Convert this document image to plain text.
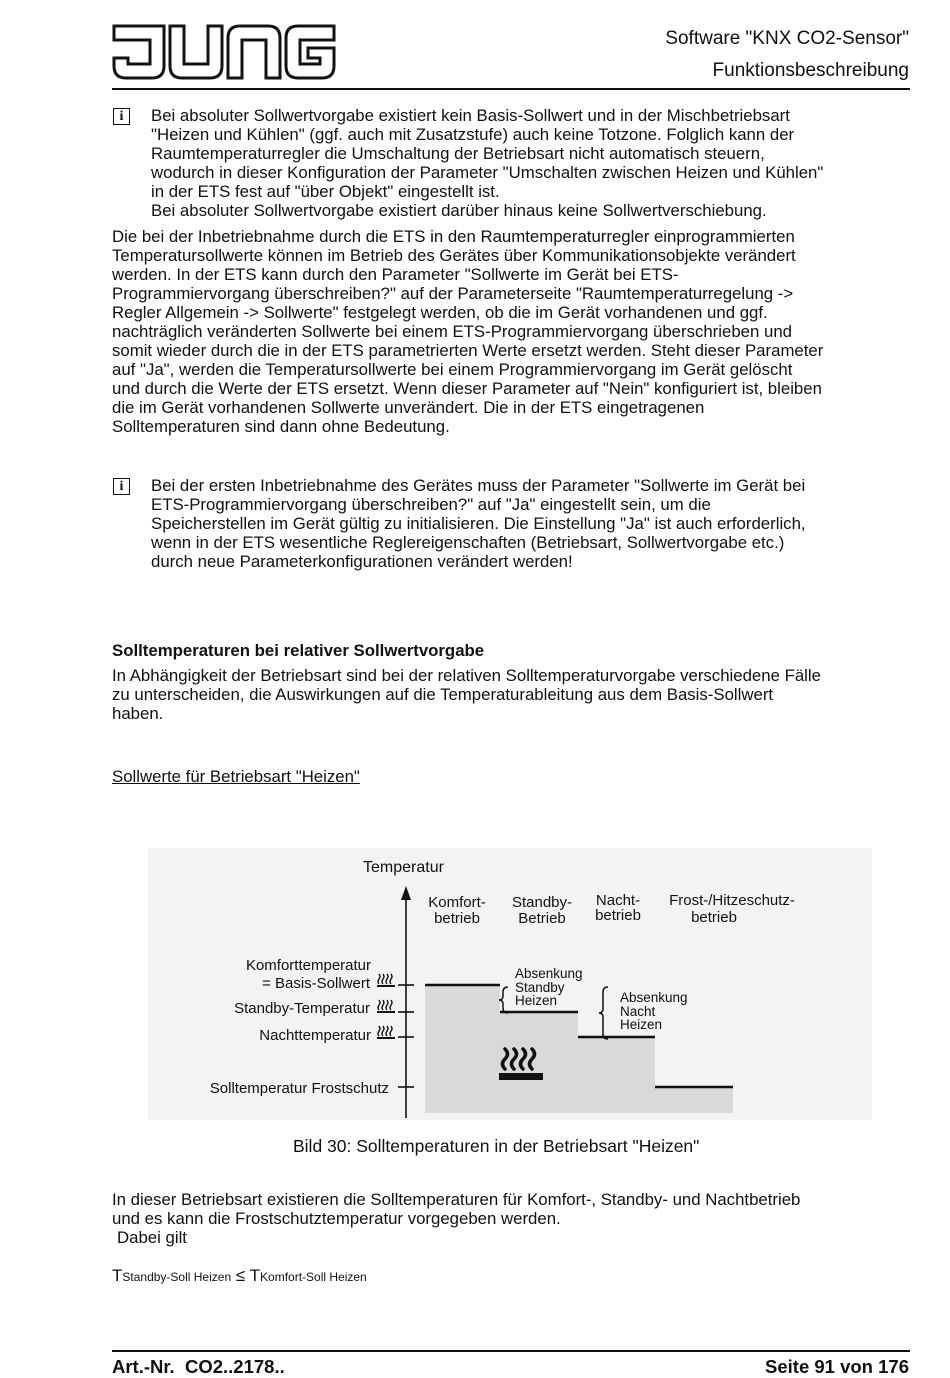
Software "KNX CO2-Sensor"
Funktionsbeschreibung
i	Bei absoluter Sollwertvorgabe existiert kein Basis-Sollwert und in der Mischbetriebsart

"Heizen und Kühlen" (ggf. auch mit Zusatzstufe) auch keine Totzone. Folglich kann der

Raumtemperaturregler die Umschaltung der Betriebsart nicht automatisch steuern,

wodurch in dieser Konfiguration der Parameter "Umschalten zwischen Heizen und Kühlen"

in der ETS fest auf "über Objekt" eingestellt ist.

Bei absoluter Sollwertvorgabe existiert darüber hinaus keine Sollwertverschiebung.

Die bei der Inbetriebnahme durch die ETS in den Raumtemperaturregler einprogrammierten

Temperatursollwerte können im Betrieb des Gerätes über Kommunikationsobjekte verändert

werden. In der ETS kann durch den Parameter "Sollwerte im Gerät bei ETS-

Programmiervorgang überschreiben?" auf der Parameterseite "Raumtemperaturregelung ->

Regler Allgemein -> Sollwerte" festgelegt werden, ob die im Gerät vorhandenen und ggf.

nachträglich veränderten Sollwerte bei einem ETS-Programmiervorgang überschrieben und

somit wieder durch die in der ETS parametrierten Werte ersetzt werden. Steht dieser Parameter

auf "Ja", werden die Temperatursollwerte bei einem Programmiervorgang im Gerät gelöscht

und durch die Werte der ETS ersetzt. Wenn dieser Parameter auf "Nein" konfiguriert ist, bleiben

die im Gerät vorhandenen Sollwerte unverändert. Die in der ETS eingetragenen

Solltemperaturen sind dann ohne Bedeutung.

i	Bei der ersten Inbetriebnahme des Gerätes muss der Parameter "Sollwerte im Gerät bei

ETS-Programmiervorgang überschreiben?" auf "Ja" eingestellt sein, um die

Speicherstellen im Gerät gültig zu initialisieren. Die Einstellung "Ja" ist auch erforderlich,

wenn in der ETS wesentliche Reglereigenschaften (Betriebsart, Sollwertvorgabe etc.)

durch neue Parameterkonfigurationen verändert werden!

Solltemperaturen bei relativer Sollwertvorgabe

In Abhängigkeit der Betriebsart sind bei der relativen Solltemperaturvorgabe verschiedene Fälle

zu unterscheiden, die Auswirkungen auf die Temperaturableitung aus dem Basis-Sollwert

haben.

Sollwerte für Betriebsart "Heizen"
Temperatur
Komfort-
betrieb
Standby-
Betrieb
Nacht-
betrieb
Frost-/Hitzeschutz-
betrieb
Komforttemperatur
= Basis-Sollwert
Standby-Temperatur
Nachttemperatur
Solltemperatur Frostschutz
Absenkung
Standby
Heizen	Absenkung
Nacht
Heizen
Bild 30: Solltemperaturen in der Betriebsart "Heizen"

In dieser Betriebsart existieren die Solltemperaturen für Komfort-, Standby- und Nachtbetrieb

und es kann die Frostschutztemperatur vorgegeben werden.

Dabei gilt

TStandby-Soll Heizen ≤ TKomfort-Soll Heizen
Art.-Nr.  CO2..2178..	Seite 91 von 176
